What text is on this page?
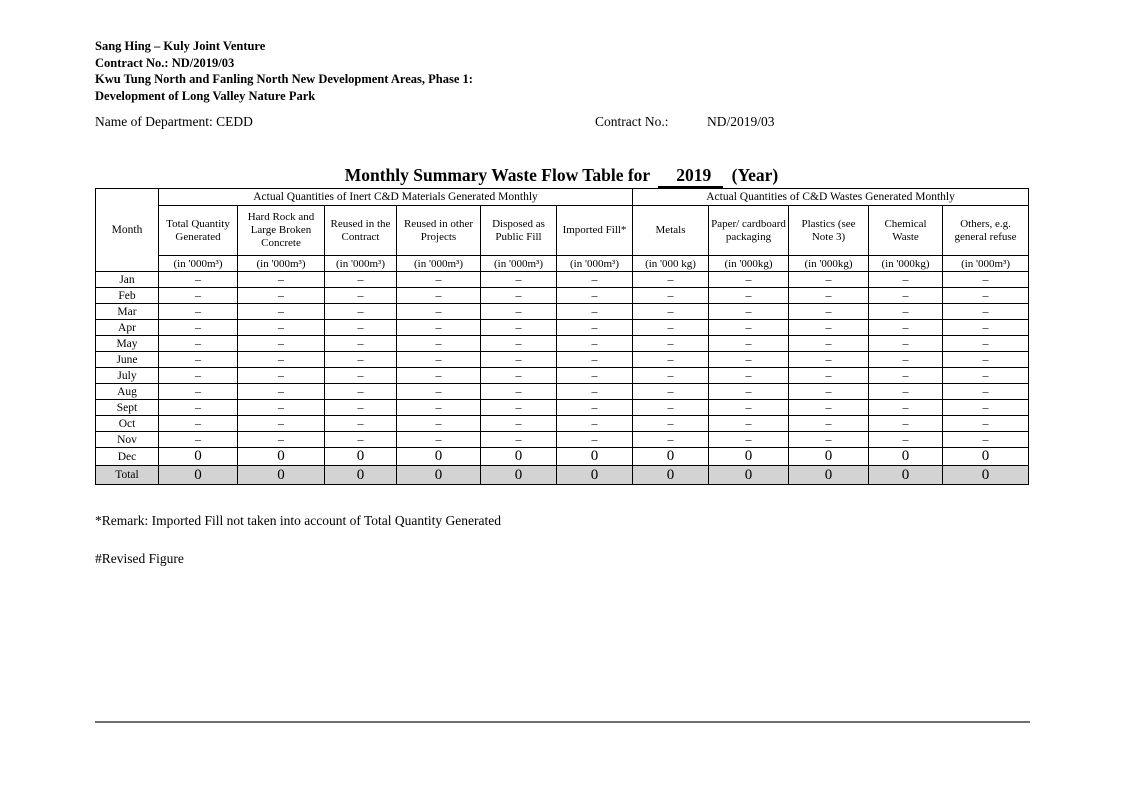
Sang Hing – Kuly Joint Venture
Contract No.: ND/2019/03
Kwu Tung North and Fanling North New Development Areas, Phase 1:
Development of Long Valley Nature Park
Name of Department: CEDD	Contract No.:	ND/2019/03
Monthly Summary Waste Flow Table for 2019 (Year)
Month	Actual Quantities of Inert C&D Materials Generated Monthly						Actual Quantities of C&D Wastes Generated Monthly				
	Total Quantity Generated	Hard Rock and Large Broken Concrete	Reused in the Contract	Reused in other Projects	Disposed as Public Fill	Imported Fill*	Metals	Paper/ cardboard packaging	Plastics (see Note 3)	Chemical Waste	Others, e.g. general refuse
	(in '000m³)	(in '000m³)	(in '000m³)	(in '000m³)	(in '000m³)	(in '000m³)	(in '000 kg)	(in '000kg)	(in '000kg)	(in '000kg)	(in '000m³)
Jan	–	–	–	–	–	–	–	–	–	–	–
Feb	–	–	–	–	–	–	–	–	–	–	–
Mar	–	–	–	–	–	–	–	–	–	–	–
Apr	–	–	–	–	–	–	–	–	–	–	–
May	–	–	–	–	–	–	–	–	–	–	–
June	–	–	–	–	–	–	–	–	–	–	–
July	–	–	–	–	–	–	–	–	–	–	–
Aug	–	–	–	–	–	–	–	–	–	–	–
Sept	–	–	–	–	–	–	–	–	–	–	–
Oct	–	–	–	–	–	–	–	–	–	–	–
Nov	–	–	–	–	–	–	–	–	–	–	–
Dec	0	0	0	0	0	0	0	0	0	0	0
Total	0	0	0	0	0	0	0	0	0	0	0
*Remark: Imported Fill not taken into account of Total Quantity Generated
#Revised Figure
